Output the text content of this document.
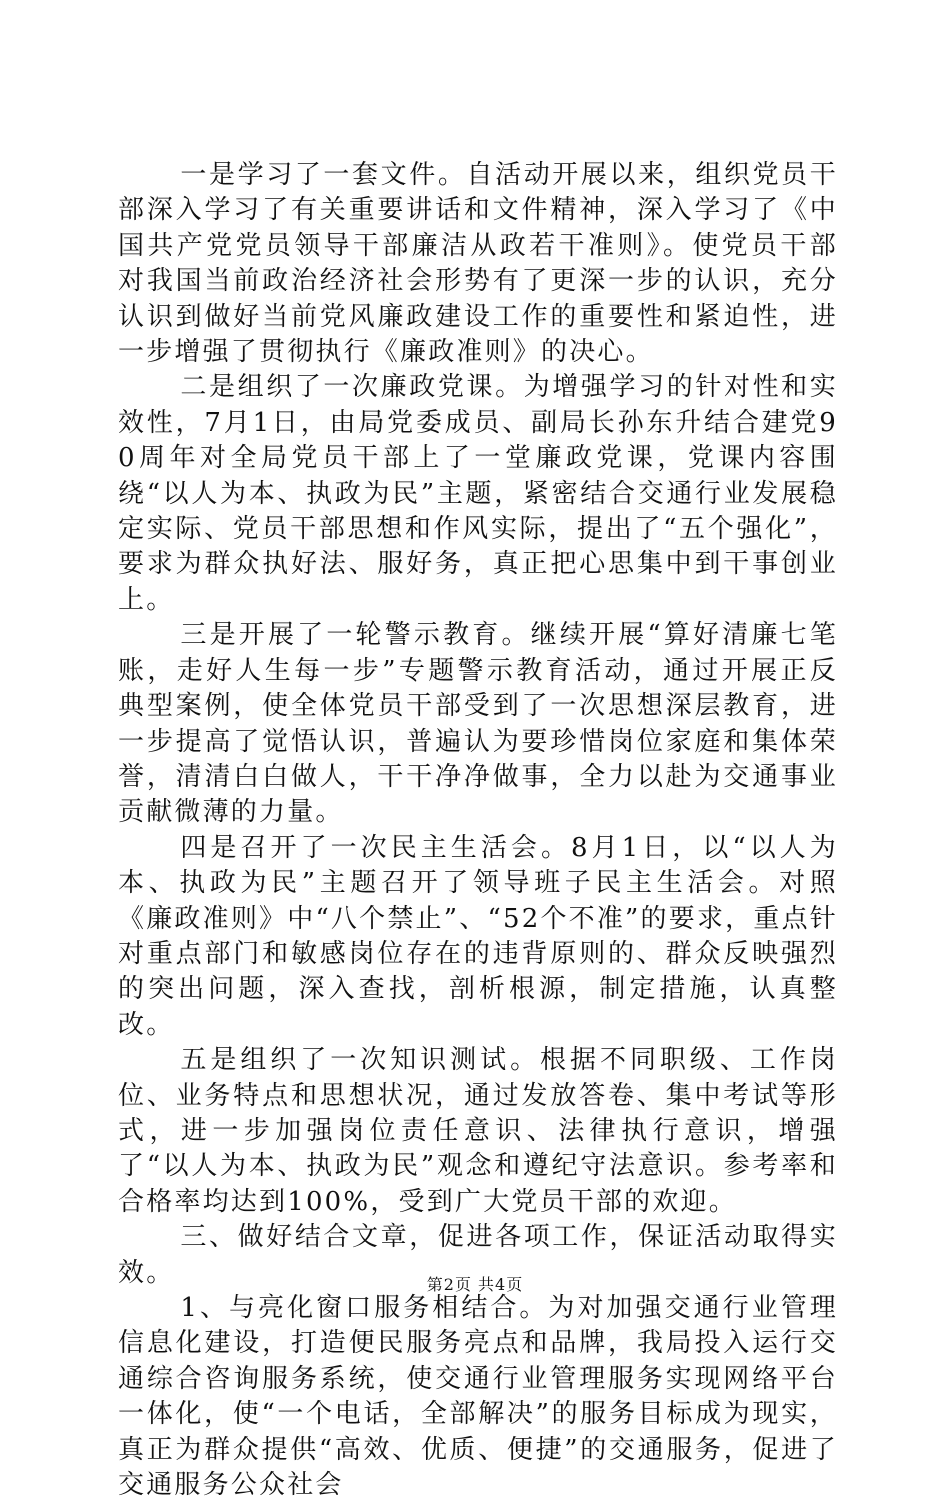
一是学习了一套文件。自活动开展以来，组织党员干部深入学习了有关重要讲话和文件精神，深入学习了《中国共产党党员领导干部廉洁从政若干准则》。使党员干部对我国当前政治经济社会形势有了更深一步的认识，充分认识到做好当前党风廉政建设工作的重要性和紧迫性，进一步增强了贯彻执行《廉政准则》的决心。

二是组织了一次廉政党课。为增强学习的针对性和实效性，7月1日，由局党委成员、副局长孙东升结合建党90周年对全局党员干部上了一堂廉政党课，党课内容围绕“以人为本、执政为民”主题，紧密结合交通行业发展稳定实际、党员干部思想和作风实际，提出了“五个强化”，要求为群众执好法、服好务，真正把心思集中到干事创业上。

三是开展了一轮警示教育。继续开展“算好清廉七笔账，走好人生每一步”专题警示教育活动，通过开展正反典型案例，使全体党员干部受到了一次思想深层教育，进一步提高了觉悟认识，普遍认为要珍惜岗位家庭和集体荣誉，清清白白做人，干干净净做事，全力以赴为交通事业贡献微薄的力量。

四是召开了一次民主生活会。8月1日，以“以人为本、执政为民”主题召开了领导班子民主生活会。对照《廉政准则》中“八个禁止”、“52个不准”的要求，重点针对重点部门和敏感岗位存在的违背原则的、群众反映强烈的突出问题，深入查找，剖析根源，制定措施，认真整改。

五是组织了一次知识测试。根据不同职级、工作岗位、业务特点和思想状况，通过发放答卷、集中考试等形式，进一步加强岗位责任意识、法律执行意识，增强了“以人为本、执政为民”观念和遵纪守法意识。参考率和合格率均达到100%，受到广大党员干部的欢迎。

三、做好结合文章，促进各项工作，保证活动取得实效。

1、与亮化窗口服务相结合。为对加强交通行业管理信息化建设，打造便民服务亮点和品牌，我局投入运行交通综合咨询服务系统，使交通行业管理服务实现网络平台一体化，使“一个电话，全部解决”的服务目标成为现实，真正为群众提供“高效、优质、便捷”的交通服务，促进了交通服务公众社会

第2页 共4页
